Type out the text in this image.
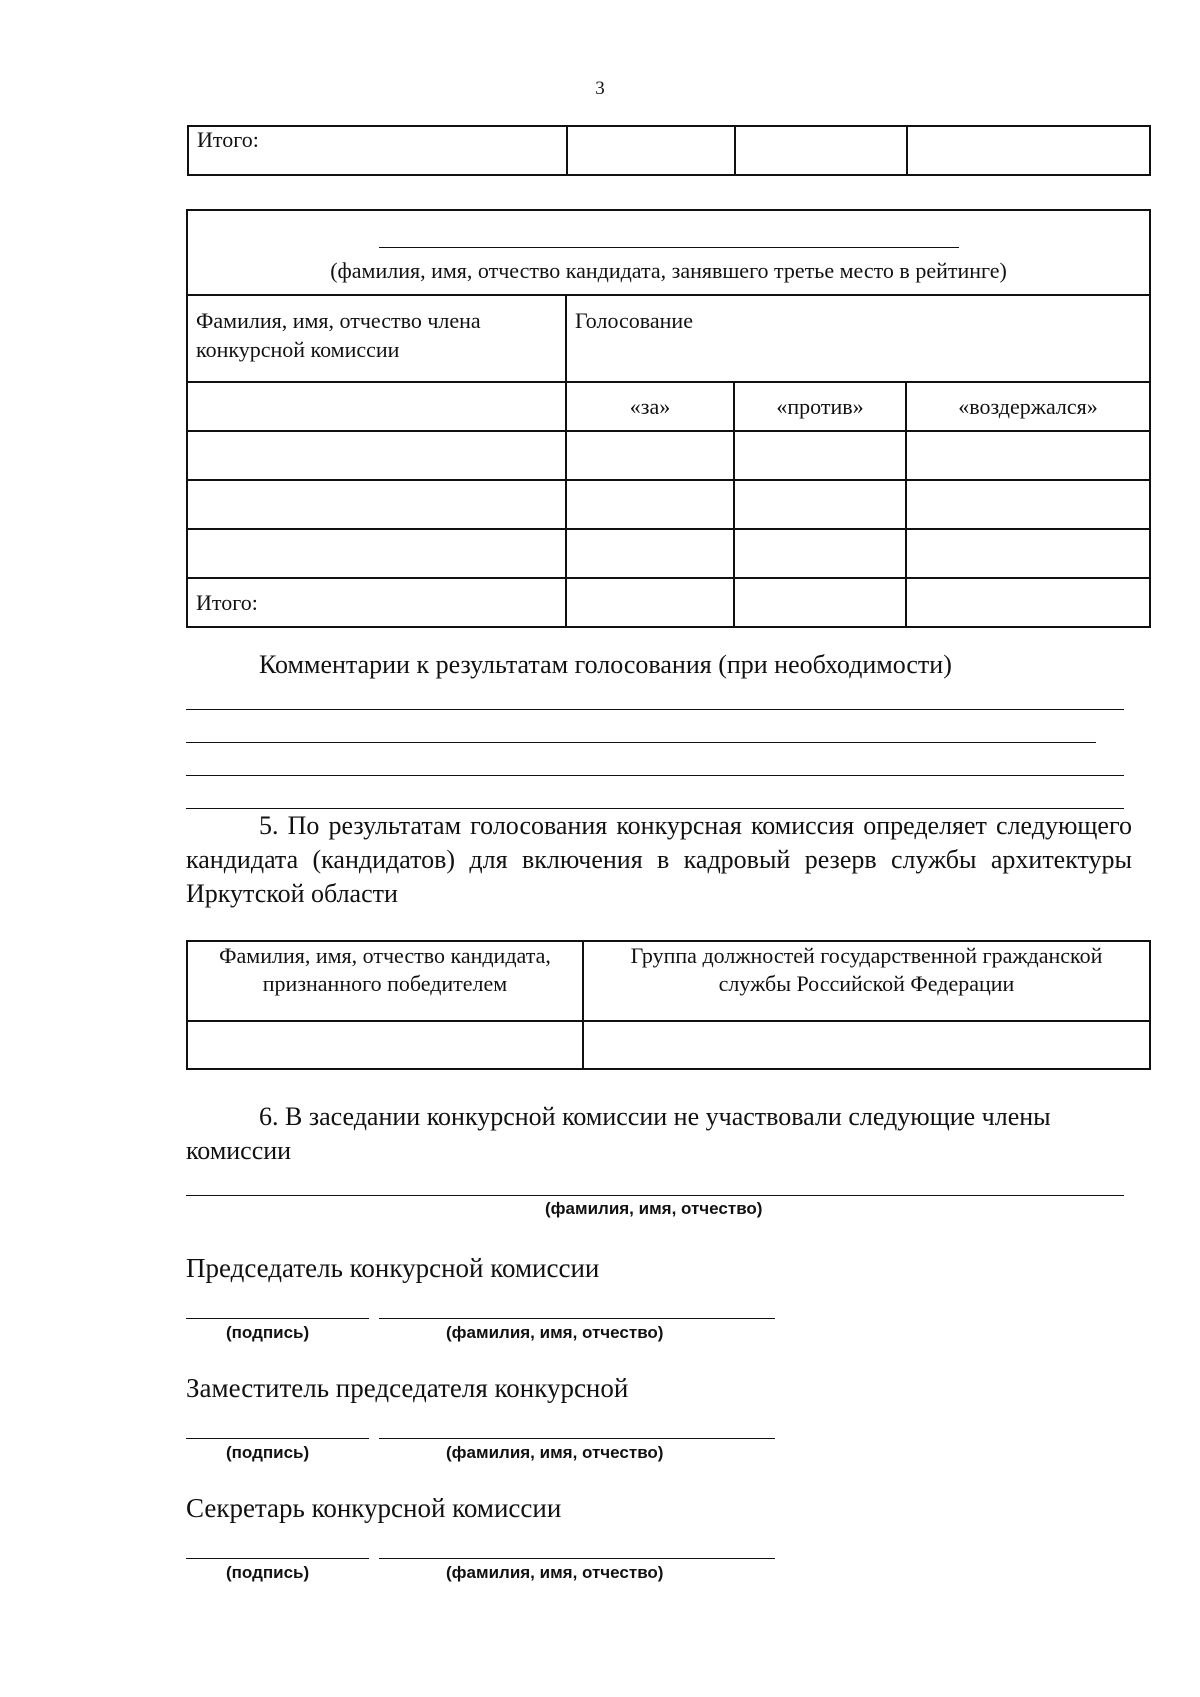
3
Итого:			
(фамилия, имя, отчество кандидата, занявшего третье место в рейтинге)			
Фамилия, имя, отчество члена конкурсной комиссии	Голосование		
	«за»	«против»	«воздержался»

Итого:			
Комментарии к результатам голосования (при необходимости)
5. По результатам голосования конкурсная комиссия определяет следующего кандидата (кандидатов) для включения в кадровый резерв службы архитектуры Иркутской области
Фамилия, имя, отчество кандидата, признанного победителем	Группа должностей государственной гражданской службы Российской Федерации

6. В заседании конкурсной комиссии не участвовали следующие члены комиссии
(фамилия, имя, отчество)
Председатель конкурсной комиссии
(подпись)	(фамилия, имя, отчество)
Заместитель председателя конкурсной
(подпись)	(фамилия, имя, отчество)
Секретарь конкурсной комиссии
(подпись)	(фамилия, имя, отчество)
